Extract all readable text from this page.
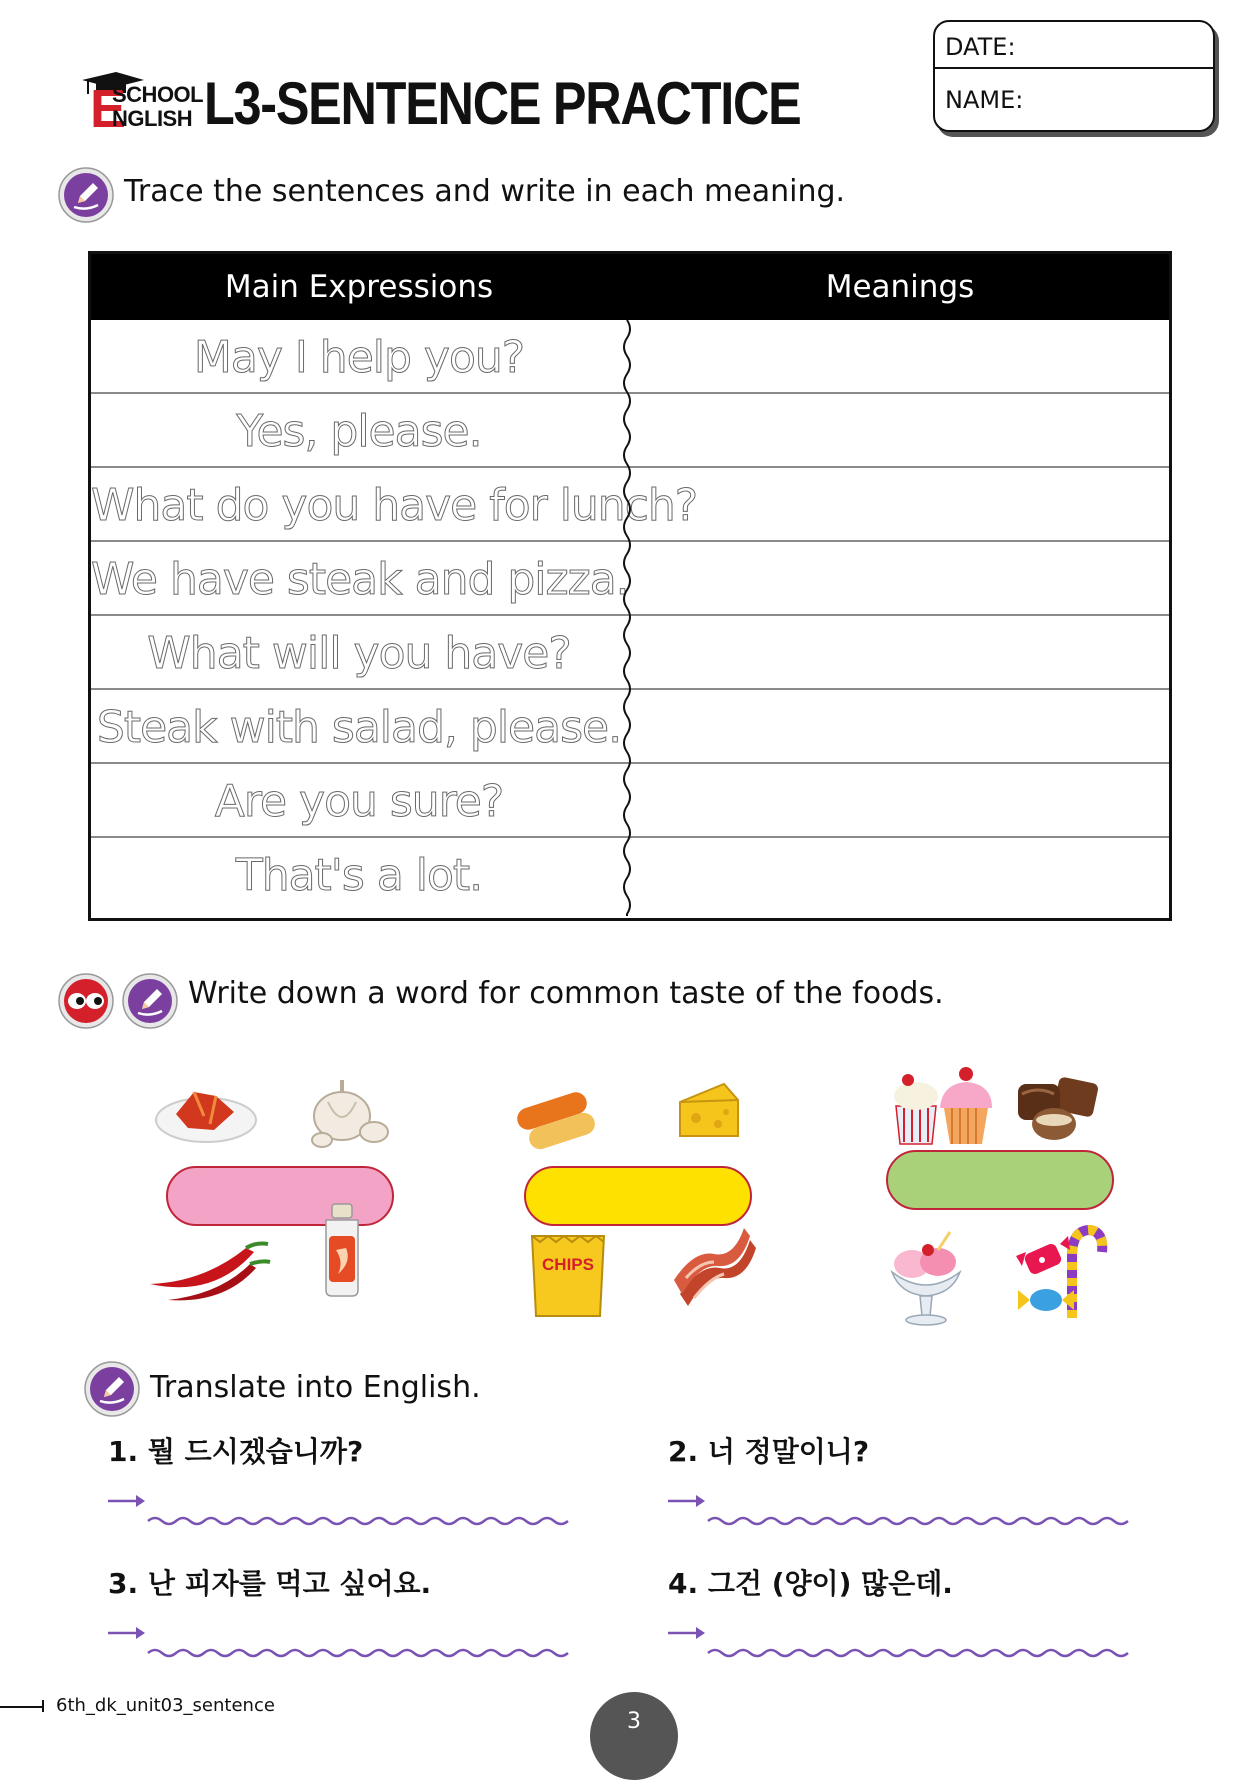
E
SCHOOL
NGLISH L3-SENTENCE PRACTICE
DATE:
NAME:
Trace the sentences and write in each meaning.
Main Expressions	Meanings
May I help you?
Yes, please.
What do you have for lunch?
We have steak and pizza.
What will you have?
Steak with salad, please.
Are you sure?
That's a lot.
Write down a word for common taste of the foods.
CHIPS
Translate into English.
1. 뭘 드시겠습니까?	2. 너 정말이니?
3. 난 피자를 먹고 싶어요.	4. 그건 (양이) 많은데.
6th_dk_unit03_sentence
3
